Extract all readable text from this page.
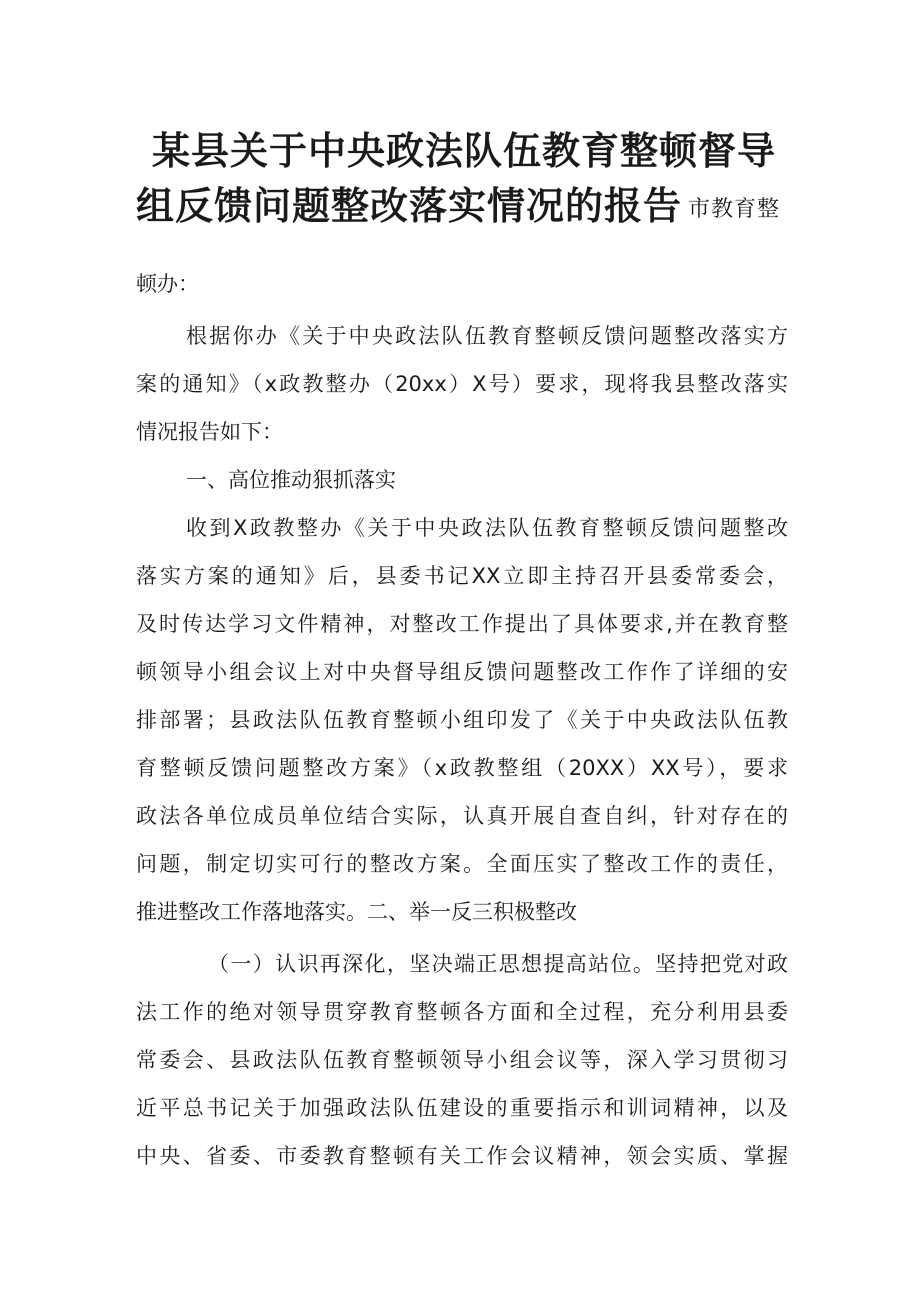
某县关于中央政法队伍教育整顿督导
组反馈问题整改落实情况的报告 市教育整
顿办：
根据你办《关于中央政法队伍教育整顿反馈问题整改落实方
案的通知》（x政教整办（20xx）X号）要求，现将我县整改落实
情况报告如下：
一、高位推动狠抓落实
收到X政教整办《关于中央政法队伍教育整顿反馈问题整改
落实方案的通知》后，县委书记XX立即主持召开县委常委会，
及时传达学习文件精神，对整改工作提出了具体要求,并在教育整
顿领导小组会议上对中央督导组反馈问题整改工作作了详细的安
排部署；县政法队伍教育整顿小组印发了《关于中央政法队伍教
育整顿反馈问题整改方案》（x政教整组（20XX）XX号），要求
政法各单位成员单位结合实际，认真开展自查自纠，针对存在的
问题，制定切实可行的整改方案。全面压实了整改工作的责任，
推进整改工作落地落实。二、举一反三积极整改
（一）认识再深化，坚决端正思想提高站位。坚持把党对政
法工作的绝对领导贯穿教育整顿各方面和全过程，充分利用县委
常委会、县政法队伍教育整顿领导小组会议等，深入学习贯彻习
近平总书记关于加强政法队伍建设的重要指示和训词精神，以及
中央、省委、市委教育整顿有关工作会议精神，领会实质、掌握
